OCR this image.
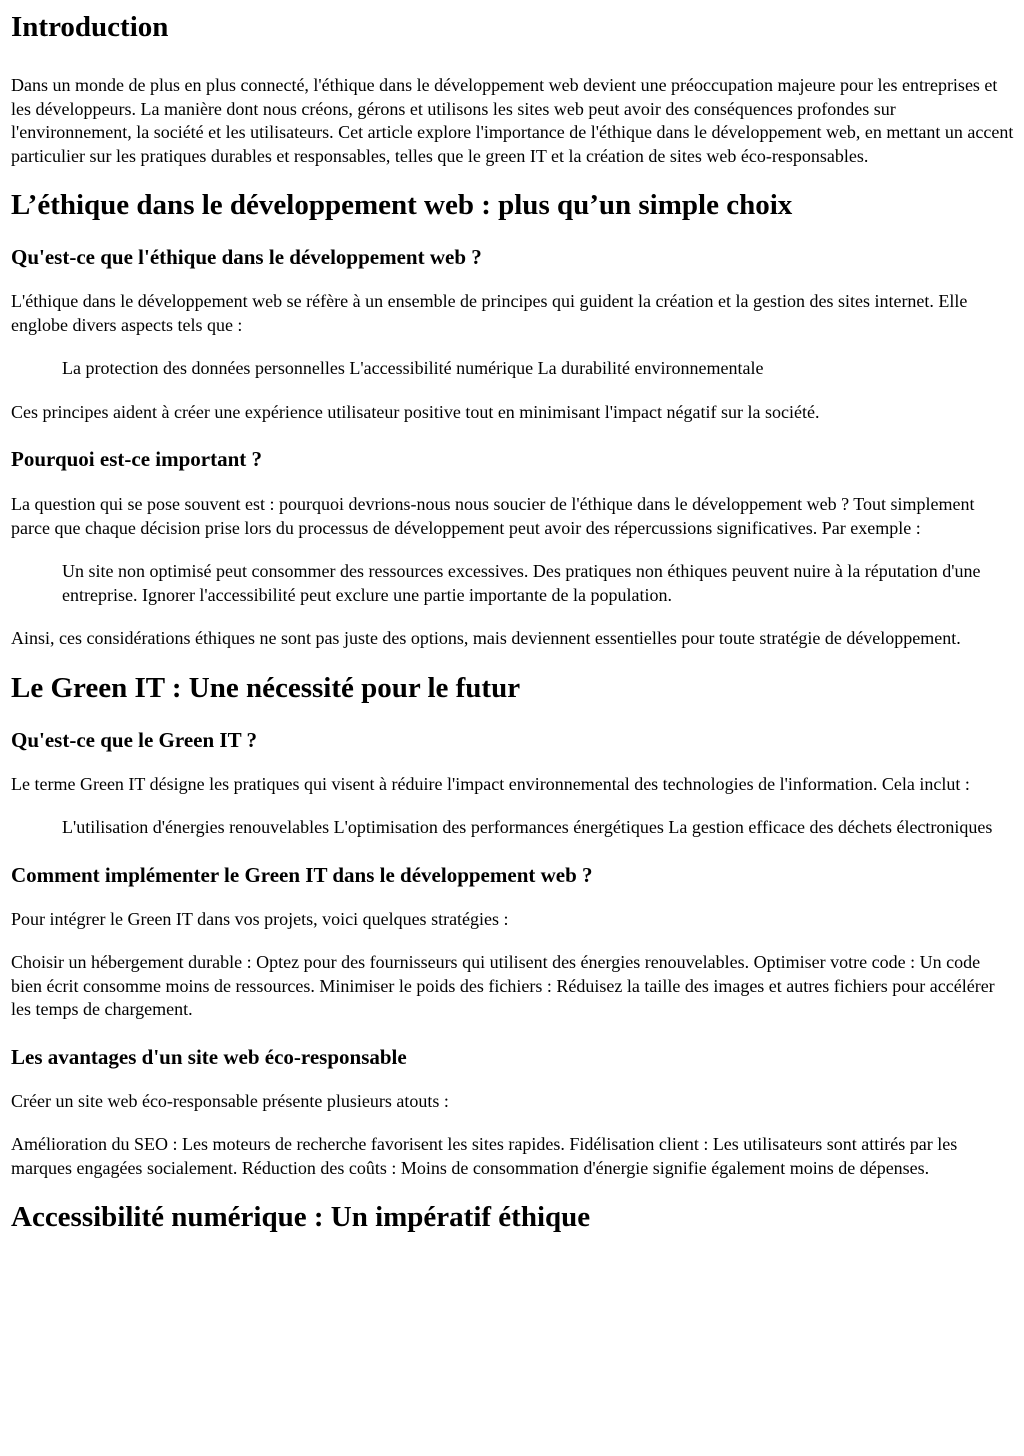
Introduction

Dans un monde de plus en plus connecté, l'éthique dans le développement web devient une préoccupation majeure pour les entreprises et les développeurs. La manière dont nous créons, gérons et utilisons les sites web peut avoir des conséquences profondes sur l'environnement, la société et les utilisateurs. Cet article explore l'importance de l'éthique dans le développement web, en mettant un accent particulier sur les pratiques durables et responsables, telles que le green IT et la création de sites web éco-responsables.

L’éthique dans le développement web : plus qu’un simple choix
Qu'est-ce que l'éthique dans le développement web ?

L'éthique dans le développement web se réfère à un ensemble de principes qui guident la création et la gestion des sites internet. Elle englobe divers aspects tels que :

La protection des données personnelles L'accessibilité numérique La durabilité environnementale

Ces principes aident à créer une expérience utilisateur positive tout en minimisant l'impact négatif sur la société.

Pourquoi est-ce important ?

La question qui se pose souvent est : pourquoi devrions-nous nous soucier de l'éthique dans le développement web ? Tout simplement parce que chaque décision prise lors du processus de développement peut avoir des répercussions significatives. Par exemple :

Un site non optimisé peut consommer des ressources excessives. Des pratiques non éthiques peuvent nuire à la réputation d'une entreprise. Ignorer l'accessibilité peut exclure une partie importante de la population.

Ainsi, ces considérations éthiques ne sont pas juste des options, mais deviennent essentielles pour toute stratégie de développement.

Le Green IT : Une nécessité pour le futur
Qu'est-ce que le Green IT ?

Le terme Green IT désigne les pratiques qui visent à réduire l'impact environnemental des technologies de l'information. Cela inclut :

L'utilisation d'énergies renouvelables L'optimisation des performances énergétiques La gestion efficace des déchets électroniques
Comment implémenter le Green IT dans le développement web ?

Pour intégrer le Green IT dans vos projets, voici quelques stratégies :

Choisir un hébergement durable : Optez pour des fournisseurs qui utilisent des énergies renouvelables. Optimiser votre code : Un code bien écrit consomme moins de ressources. Minimiser le poids des fichiers : Réduisez la taille des images et autres fichiers pour accélérer les temps de chargement.

Les avantages d'un site web éco-responsable

Créer un site web éco-responsable présente plusieurs atouts :

Amélioration du SEO : Les moteurs de recherche favorisent les sites rapides. Fidélisation client : Les utilisateurs sont attirés par les marques engagées socialement. Réduction des coûts : Moins de consommation d'énergie signifie également moins de dépenses.

Accessibilité numérique : Un impératif éthique
